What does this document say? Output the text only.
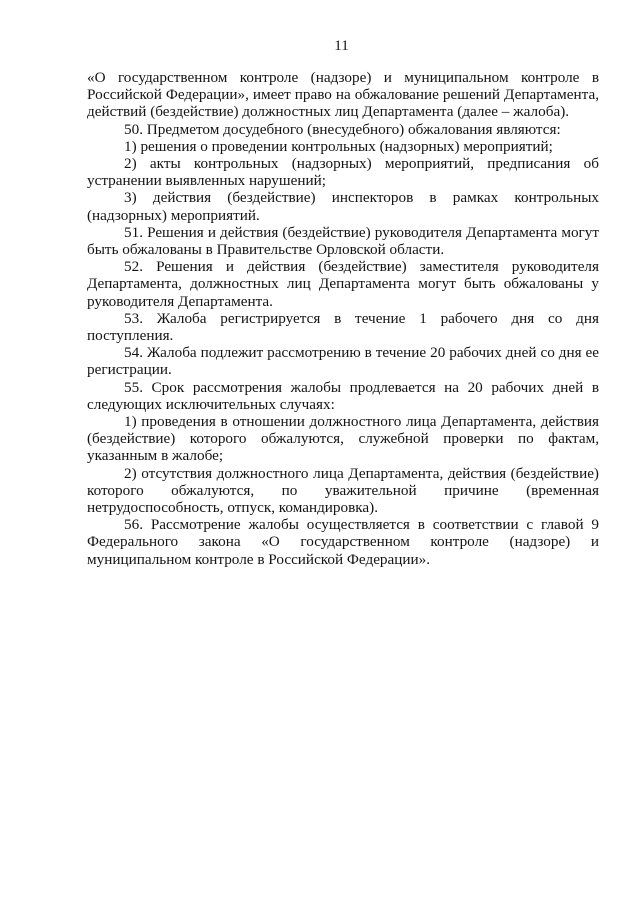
11

«О государственном контроле (надзоре) и муниципальном контроле в Российской Федерации», имеет право на обжалование решений Департамента, действий (бездействие) должностных лиц Департамента (далее – жалоба).

50. Предметом досудебного (внесудебного) обжалования являются:

1) решения о проведении контрольных (надзорных) мероприятий;

2) акты контрольных (надзорных) мероприятий, предписания об устранении выявленных нарушений;

3) действия (бездействие) инспекторов в рамках контрольных (надзорных) мероприятий.

51. Решения и действия (бездействие) руководителя Департамента могут быть обжалованы в Правительстве Орловской области.

52. Решения и действия (бездействие) заместителя руководителя Департамента, должностных лиц Департамента могут быть обжалованы у руководителя Департамента.

53. Жалоба регистрируется в течение 1 рабочего дня со дня поступления.

54. Жалоба подлежит рассмотрению в течение 20 рабочих дней со дня ее регистрации.

55. Срок рассмотрения жалобы продлевается на 20 рабочих дней в следующих исключительных случаях:

1) проведения в отношении должностного лица Департамента, действия (бездействие) которого обжалуются, служебной проверки по фактам, указанным в жалобе;

2) отсутствия должностного лица Департамента, действия (бездействие) которого обжалуются, по уважительной причине (временная нетрудоспособность, отпуск, командировка).

56. Рассмотрение жалобы осуществляется в соответствии с главой 9 Федерального закона «О государственном контроле (надзоре) и муниципальном контроле в Российской Федерации».
